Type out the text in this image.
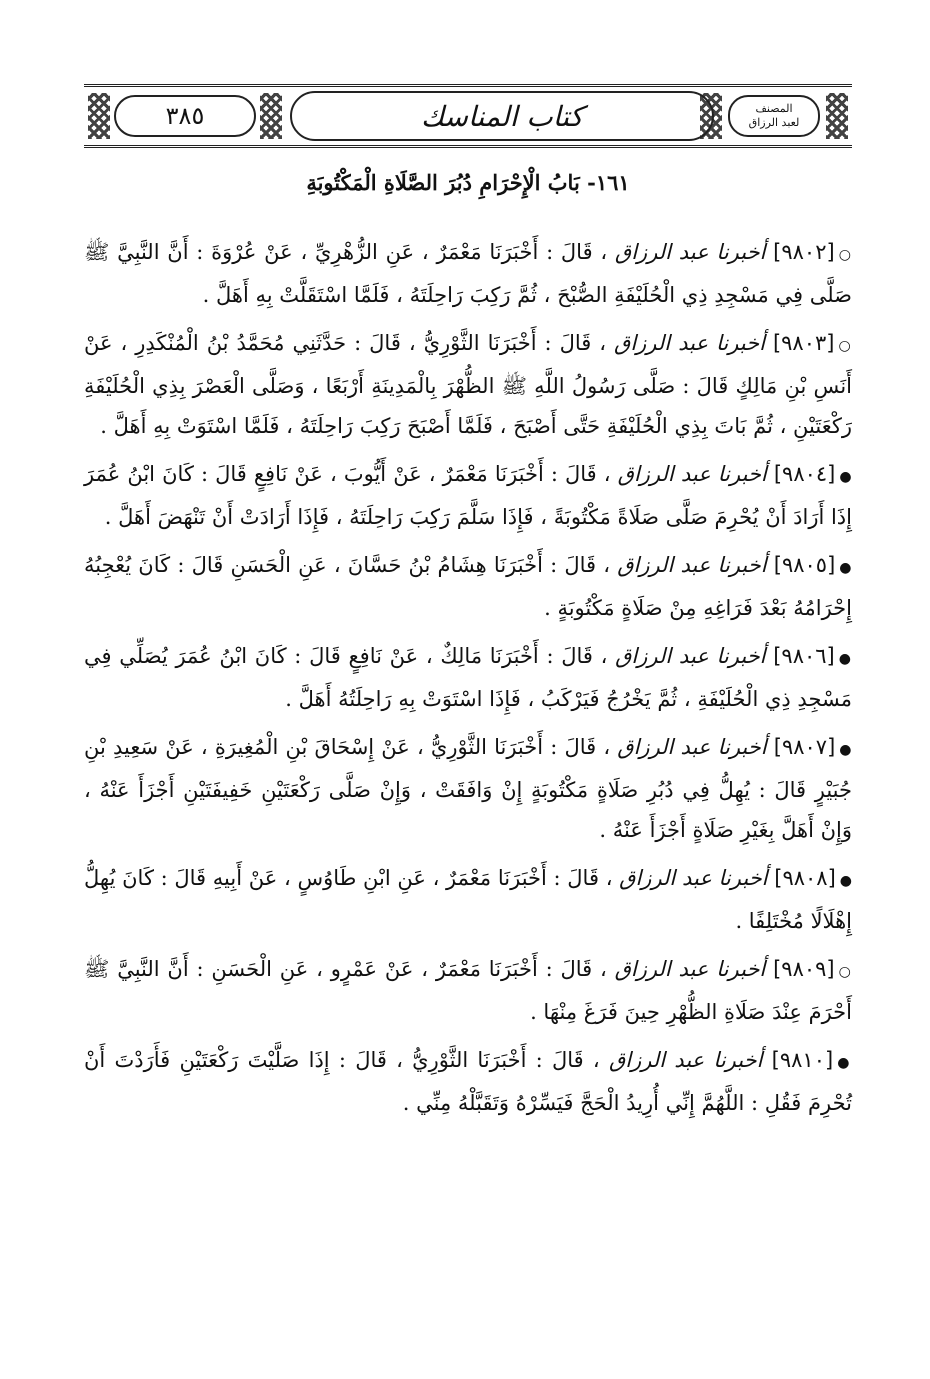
٣٨٥	كتاب المناسك	المصنف
لعبد الرزاق
١٦١- بَابُ الْإِحْرَامِ دُبُرَ الصَّلَاةِ الْمَكْتُوبَةِ

○[٩٨٠٢] أخبرنا عبد الرزاق ، قَالَ : أَخْبَرَنَا مَعْمَرٌ ، عَنِ الزُّهْرِيِّ ، عَنْ عُرْوَةَ : أَنَّ النَّبِيَّ ﷺ صَلَّى فِي مَسْجِدِ ذِي الْحُلَيْفَةِ الصُّبْحَ ، ثُمَّ رَكِبَ رَاحِلَتَهُ ، فَلَمَّا اسْتَقَلَّتْ بِهِ أَهَلَّ .

○[٩٨٠٣] أخبرنا عبد الرزاق ، قَالَ : أَخْبَرَنَا الثَّوْرِيُّ ، قَالَ : حَدَّثَنِي مُحَمَّدُ بْنُ الْمُنْكَدِرِ ، عَنْ أَنَسِ بْنِ مَالِكٍ قَالَ : صَلَّى رَسُولُ اللَّهِ ﷺ الظُّهْرَ بِالْمَدِينَةِ أَرْبَعًا ، وَصَلَّى الْعَصْرَ بِذِي الْحُلَيْفَةِ رَكْعَتَيْنِ ، ثُمَّ بَاتَ بِذِي الْحُلَيْفَةِ حَتَّى أَصْبَحَ ، فَلَمَّا أَصْبَحَ رَكِبَ رَاحِلَتَهُ ، فَلَمَّا اسْتَوَتْ بِهِ أَهَلَّ .

●[٩٨٠٤] أخبرنا عبد الرزاق ، قَالَ : أَخْبَرَنَا مَعْمَرٌ ، عَنْ أَيُّوبَ ، عَنْ نَافِعٍ قَالَ : كَانَ ابْنُ عُمَرَ إِذَا أَرَادَ أَنْ يُحْرِمَ صَلَّى صَلَاةً مَكْتُوبَةً ، فَإِذَا سَلَّمَ رَكِبَ رَاحِلَتَهُ ، فَإِذَا أَرَادَتْ أَنْ تَنْهَضَ أَهَلَّ .

●[٩٨٠٥] أخبرنا عبد الرزاق ، قَالَ : أَخْبَرَنَا هِشَامُ بْنُ حَسَّانَ ، عَنِ الْحَسَنِ قَالَ : كَانَ يُعْجِبُهُ إِحْرَامُهُ بَعْدَ فَرَاغِهِ مِنْ صَلَاةٍ مَكْتُوبَةٍ .

●[٩٨٠٦] أخبرنا عبد الرزاق ، قَالَ : أَخْبَرَنَا مَالِكٌ ، عَنْ نَافِعٍ قَالَ : كَانَ ابْنُ عُمَرَ يُصَلِّي فِي مَسْجِدِ ذِي الْحُلَيْفَةِ ، ثُمَّ يَخْرُجُ فَيَرْكَبُ ، فَإِذَا اسْتَوَتْ بِهِ رَاحِلَتُهُ أَهَلَّ .

●[٩٨٠٧] أخبرنا عبد الرزاق ، قَالَ : أَخْبَرَنَا الثَّوْرِيُّ ، عَنْ إِسْحَاقَ بْنِ الْمُغِيرَةِ ، عَنْ سَعِيدِ بْنِ جُبَيْرٍ قَالَ : يُهِلُّ فِي دُبُرِ صَلَاةٍ مَكْتُوبَةٍ إِنْ وَافَقَتْ ، وَإِنْ صَلَّى رَكْعَتَيْنِ خَفِيفَتَيْنِ أَجْزَأَ عَنْهُ ، وَإِنْ أَهَلَّ بِغَيْرِ صَلَاةٍ أَجْزَأَ عَنْهُ .

●[٩٨٠٨] أخبرنا عبد الرزاق ، قَالَ : أَخْبَرَنَا مَعْمَرٌ ، عَنِ ابْنِ طَاوُسٍ ، عَنْ أَبِيهِ قَالَ : كَانَ يُهِلُّ إِهْلَالًا مُخْتَلِفًا .

○[٩٨٠٩] أخبرنا عبد الرزاق ، قَالَ : أَخْبَرَنَا مَعْمَرٌ ، عَنْ عَمْرٍو ، عَنِ الْحَسَنِ : أَنَّ النَّبِيَّ ﷺ أَحْرَمَ عِنْدَ صَلَاةِ الظُّهْرِ حِينَ فَرَغَ مِنْهَا .

●[٩٨١٠] أخبرنا عبد الرزاق ، قَالَ : أَخْبَرَنَا الثَّوْرِيُّ ، قَالَ : إِذَا صَلَّيْتَ رَكْعَتَيْنِ فَأَرَدْتَ أَنْ تُحْرِمَ فَقُلِ : اللَّهُمَّ إِنِّي أُرِيدُ الْحَجَّ فَيَسِّرْهُ وَتَقَبَّلْهُ مِنِّي .
